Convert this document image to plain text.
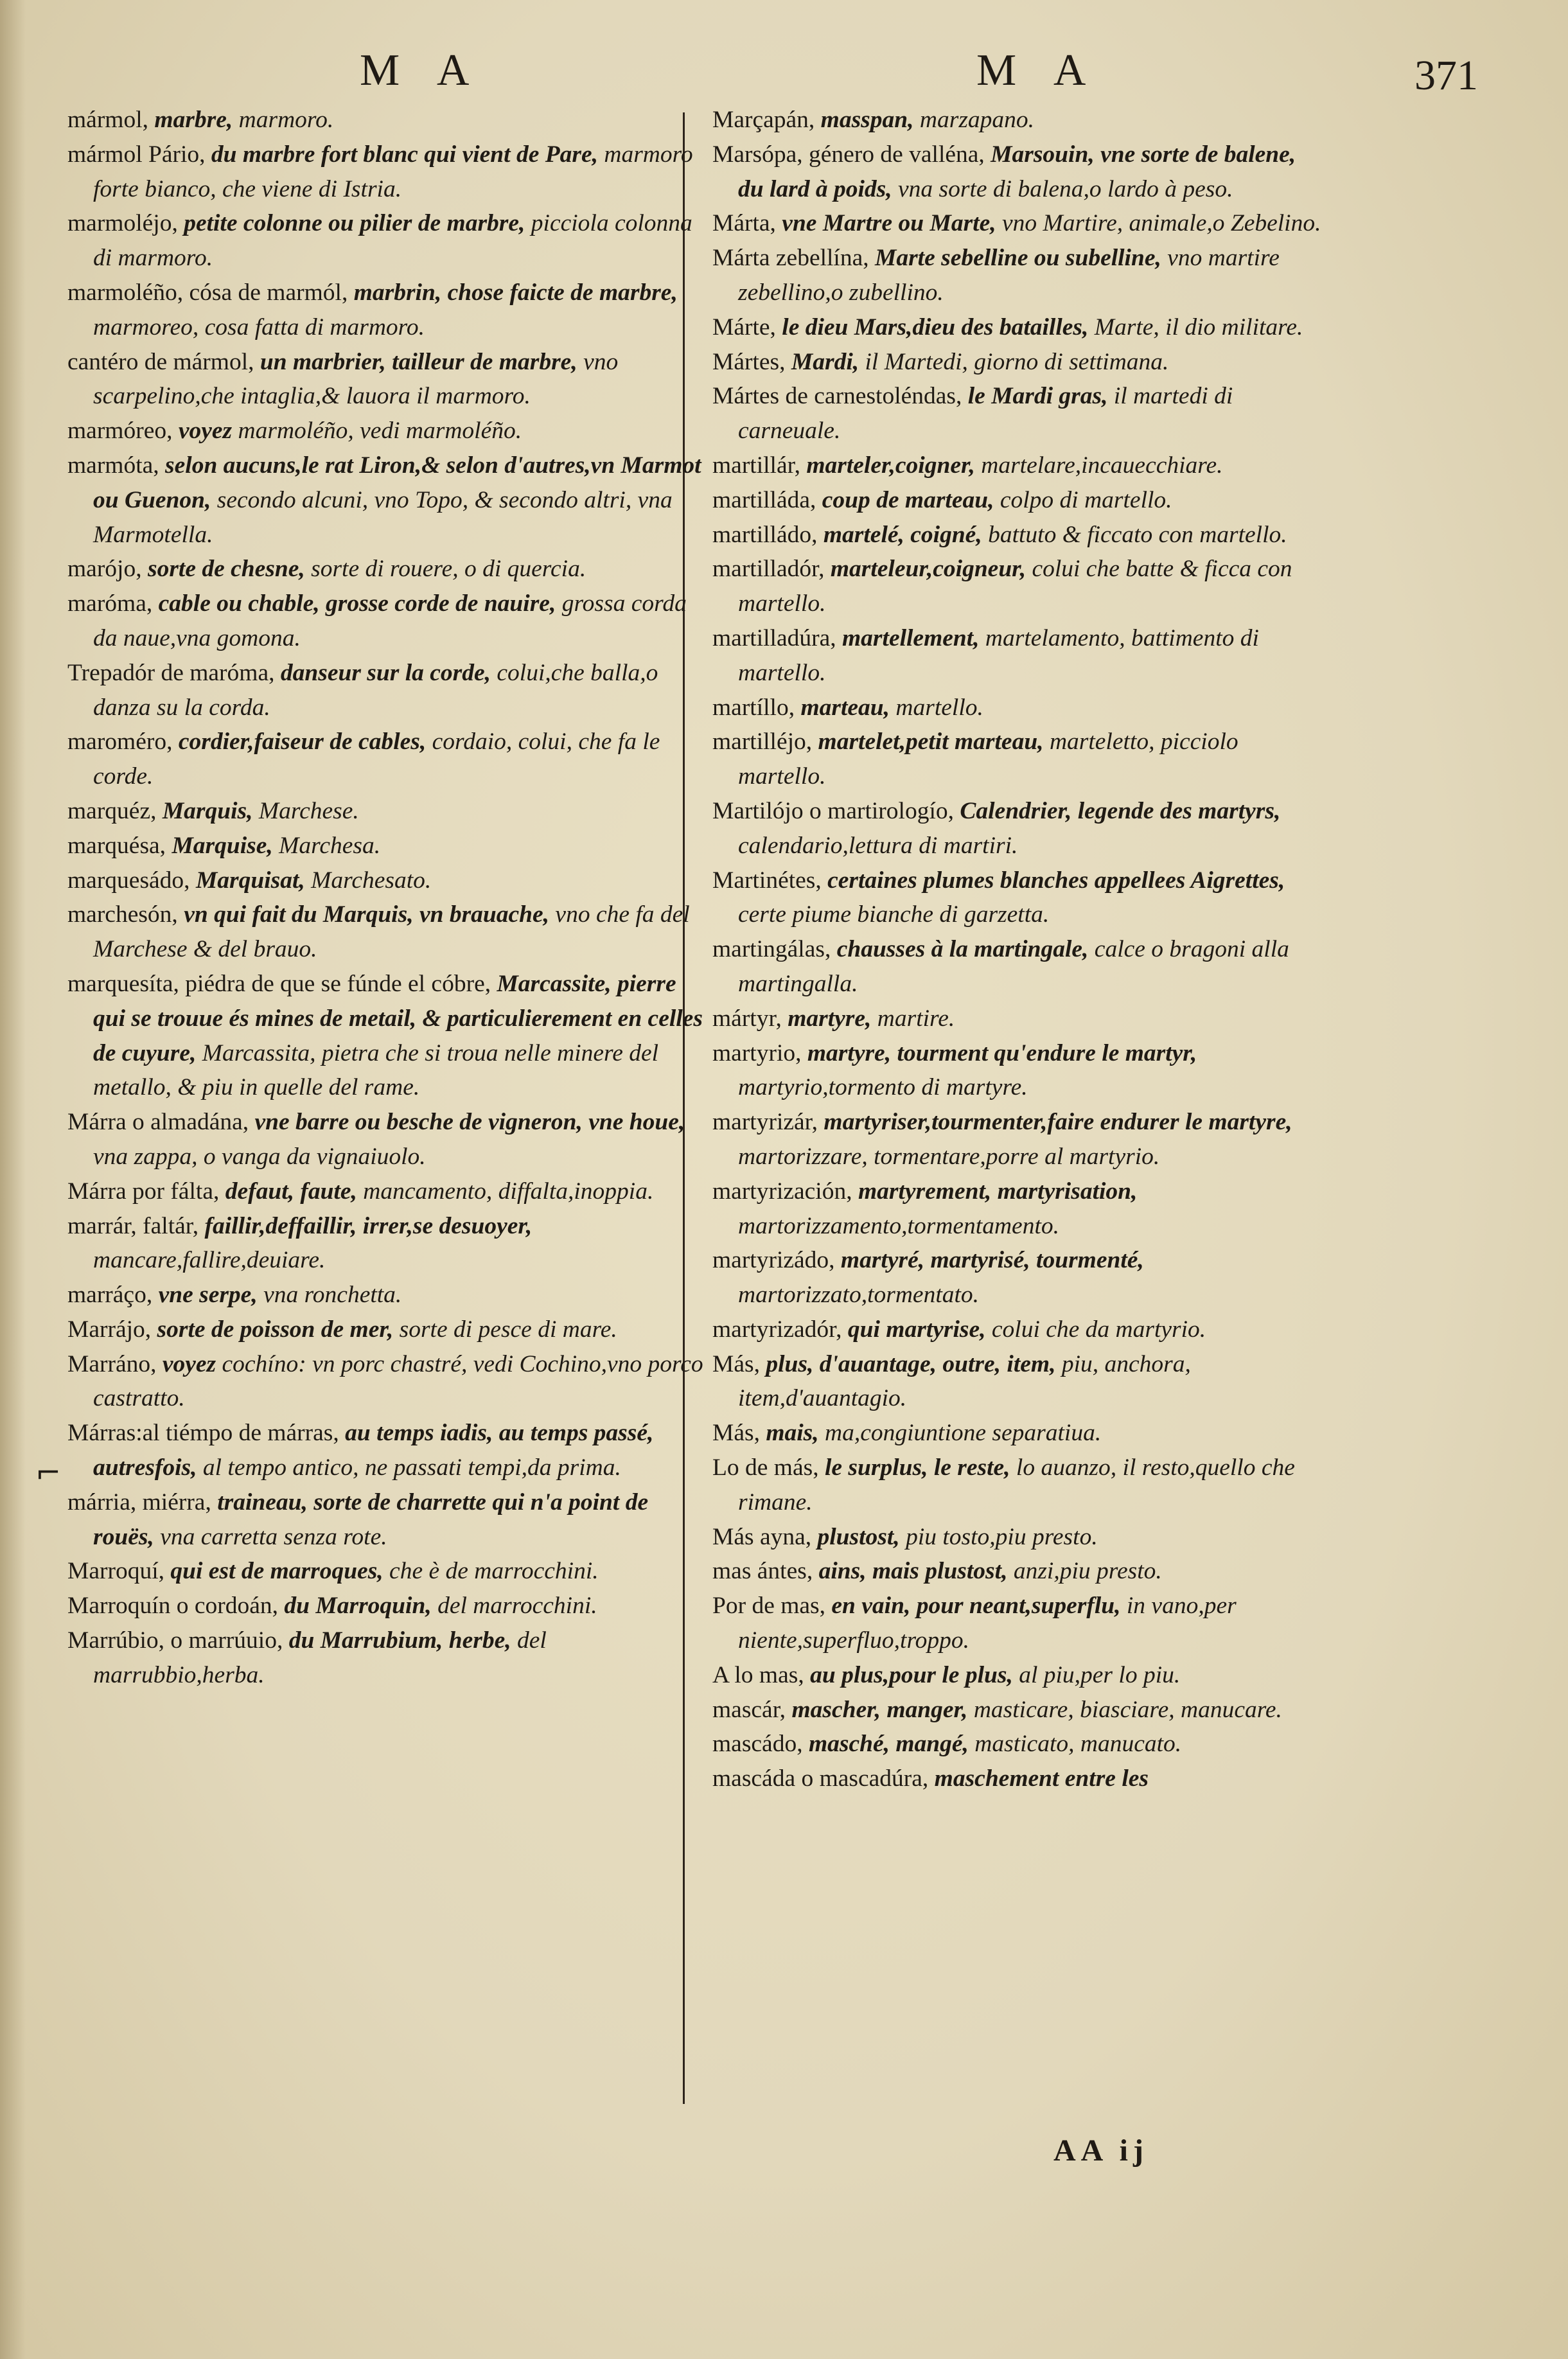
M A	M A	371
⌐

mármol, marbre, marmoro.

mármol Pário, du marbre fort blanc qui vient de Pare, marmoro forte bianco, che viene di Istria.

marmoléjo, petite colonne ou pilier de marbre, picciola colonna di marmoro.

marmoléño, cósa de marmól, marbrin, chose faicte de marbre, marmoreo, cosa fatta di marmoro.

cantéro de mármol, un marbrier, tailleur de marbre, vno scarpelino,che intaglia,& lauora il marmoro.

marmóreo, voyez marmoléño, vedi marmoléño.

marmóta, selon aucuns,le rat Liron,& selon d'autres,vn Marmot ou Guenon, secondo alcuni, vno Topo, & secondo altri, vna Marmotella.

marójo, sorte de chesne, sorte di rouere, o di quercia.

maróma, cable ou chable, grosse corde de nauire, grossa corda da naue,vna gomona.

Trepadór de maróma, danseur sur la corde, colui,che balla,o danza su la corda.

maroméro, cordier,faiseur de cables, cordaio, colui, che fa le corde.

marquéz, Marquis, Marchese.

marquésa, Marquise, Marchesa.

marquesádo, Marquisat, Marchesato.

marchesón, vn qui fait du Marquis, vn brauache, vno che fa del Marchese & del brauo.

marquesíta, piédra de que se fúnde el cóbre, Marcassite, pierre qui se trouue és mines de metail, & particulierement en celles de cuyure, Marcassita, pietra che si troua nelle minere del metallo, & piu in quelle del rame.

Márra o almadána, vne barre ou besche de vigneron, vne houe, vna zappa, o vanga da vignaiuolo.

Márra por fálta, defaut, faute, mancamento, diffalta,inoppia.

marrár, faltár, faillir,deffaillir, irrer,se desuoyer, mancare,fallire,deuiare.

marráço, vne serpe, vna ronchetta.

Marrájo, sorte de poisson de mer, sorte di pesce di mare.

Marráno, voyez cochíno: vn porc chastré, vedi Cochino,vno porco castratto.

Márras:al tiémpo de márras, au temps iadis, au temps passé, autresfois, al tempo antico, ne passati tempi,da prima.

márria, miérra, traineau, sorte de charrette qui n'a point de rouës, vna carretta senza rote.

Marroquí, qui est de marroques, che è de marrocchini.

Marroquín o cordoán, du Marroquin, del marrocchini.

Marrúbio, o marrúuio, du Marrubium, herbe, del marrubbio,herba.

Marçapán, masspan, marzapano.

Marsópa, género de valléna, Marsouin, vne sorte de balene, du lard à poids, vna sorte di balena,o lardo à peso.

Márta, vne Martre ou Marte, vno Martire, animale,o Zebelino.

Márta zebellína, Marte sebelline ou subelline, vno martire zebellino,o zubellino.

Márte, le dieu Mars,dieu des batailles, Marte, il dio militare.

Mártes, Mardi, il Martedi, giorno di settimana.

Mártes de carnestoléndas, le Mardi gras, il martedi di carneuale.

martillár, marteler,coigner, martelare,incauecchiare.

martilláda, coup de marteau, colpo di martello.

martilládo, martelé, coigné, battuto & ficcato con martello.

martilladór, marteleur,coigneur, colui che batte & ficca con martello.

martilladúra, martellement, martelamento, battimento di martello.

martíllo, marteau, martello.

martilléjo, martelet,petit marteau, marteletto, picciolo martello.

Martilójo o martirologío, Calendrier, legende des martyrs, calendario,lettura di martiri.

Martinétes, certaines plumes blanches appellees Aigrettes, certe piume bianche di garzetta.

martingálas, chausses à la martingale, calce o bragoni alla martingalla.

mártyr, martyre, martire.

martyrio, martyre, tourment qu'endure le martyr, martyrio,tormento di martyre.

martyrizár, martyriser,tourmenter,faire endurer le martyre, martorizzare, tormentare,porre al martyrio.

martyrización, martyrement, martyrisation, martorizzamento,tormentamento.

martyrizádo, martyré, martyrisé, tourmenté, martorizzato,tormentato.

martyrizadór, qui martyrise, colui che da martyrio.

Más, plus, d'auantage, outre, item, piu, anchora, item,d'auantagio.

Más, mais, ma,congiuntione separatiua.

Lo de más, le surplus, le reste, lo auanzo, il resto,quello che rimane.

Más ayna, plustost, piu tosto,piu presto.

mas ántes, ains, mais plustost, anzi,piu presto.

Por de mas, en vain, pour neant,superflu, in vano,per niente,superfluo,troppo.

A lo mas, au plus,pour le plus, al piu,per lo piu.

mascár, mascher, manger, masticare, biasciare, manucare.

mascádo, masché, mangé, masticato, manucato.

mascáda o mascadúra, maschement entre les

AA ij
